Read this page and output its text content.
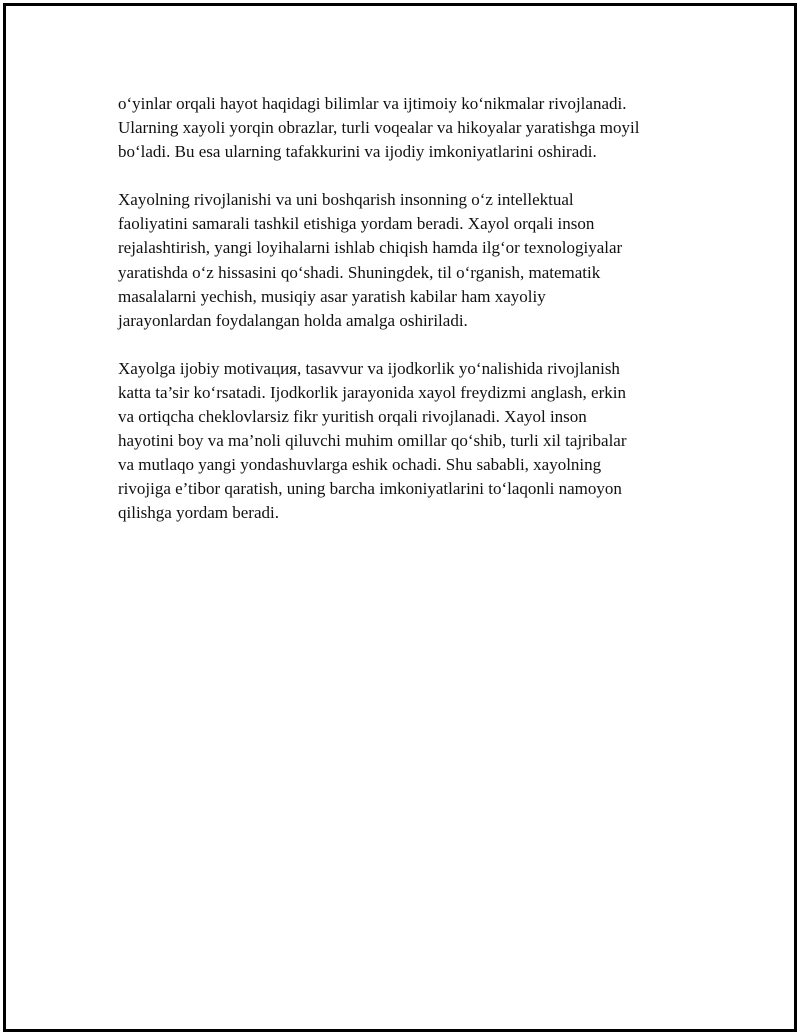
o‘yinlar orqali hayot haqidagi bilimlar va ijtimoiy ko‘nikmalar rivojlanadi.
Ularning xayoli yorqin obrazlar, turli voqealar va hikoyalar yaratishga moyil
bo‘ladi. Bu esa ularning tafakkurini va ijodiy imkoniyatlarini oshiradi.

Xayolning rivojlanishi va uni boshqarish insonning o‘z intellektual
faoliyatini samarali tashkil etishiga yordam beradi. Xayol orqali inson
rejalashtirish, yangi loyihalarni ishlab chiqish hamda ilg‘or texnologiyalar
yaratishda o‘z hissasini qo‘shadi. Shuningdek, til o‘rganish, matematik
masalalarni yechish, musiqiy asar yaratish kabilar ham xayoliy
jarayonlardan foydalangan holda amalga oshiriladi.

Xayolga ijobiy motivация, tasavvur va ijodkorlik yo‘nalishida rivojlanish
katta ta’sir ko‘rsatadi. Ijodkorlik jarayonida xayol freydizmi anglash, erkin
va ortiqcha cheklovlarsiz fikr yuritish orqali rivojlanadi. Xayol inson
hayotini boy va ma’noli qiluvchi muhim omillar qo‘shib, turli xil tajribalar
va mutlaqo yangi yondashuvlarga eshik ochadi. Shu sababli, xayolning
rivojiga e’tibor qaratish, uning barcha imkoniyatlarini to‘laqonli namoyon
qilishga yordam beradi.
